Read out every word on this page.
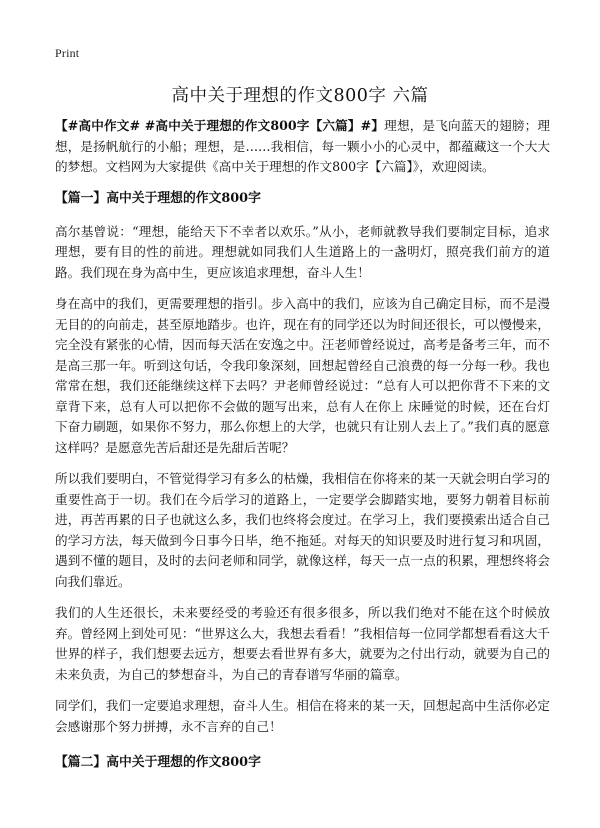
Print
高中关于理想的作文800字 六篇

【#高中作文# #高中关于理想的作文800字【六篇】#】理想，是飞向蓝天的翅膀；理想，是扬帆航行的小船；理想，是……我相信，每一颗小小的心灵中，都蕴藏这一个大大的梦想。文档网为大家提供《高中关于理想的作文800字【六篇】》，欢迎阅读。

【篇一】高中关于理想的作文800字

高尔基曾说：“理想，能给天下不幸者以欢乐。”从小，老师就教导我们要制定目标，追求理想，要有目的性的前进。理想就如同我们人生道路上的一盏明灯，照亮我们前方的道路。我们现在身为高中生，更应该追求理想，奋斗人生！

身在高中的我们，更需要理想的指引。步入高中的我们，应该为自己确定目标，而不是漫无目的的向前走，甚至原地踏步。也许，现在有的同学还以为时间还很长，可以慢慢来，完全没有紧张的心情，因而每天活在安逸之中。汪老师曾经说过，高考是备考三年，而不是高三那一年。听到这句话，令我印象深刻，回想起曾经自己浪费的每一分每一秒。我也常常在想，我们还能继续这样下去吗？尹老师曾经说过：“总有人可以把你背不下来的文章背下来，总有人可以把你不会做的题写出来，总有人在你上 床睡觉的时候，还在台灯下奋力刷题，如果你不努力，那么你想上的大学，也就只有让别人去上了。”我们真的愿意这样吗？是愿意先苦后甜还是先甜后苦呢？

所以我们要明白，不管觉得学习有多么的枯燥，我相信在你将来的某一天就会明白学习的重要性高于一切。我们在今后学习的道路上，一定要学会脚踏实地，要努力朝着目标前进，再苦再累的日子也就这么多，我们也终将会度过。在学习上，我们要摸索出适合自己的学习方法，每天做到今日事今日毕，绝不拖延。对每天的知识要及时进行复习和巩固，遇到不懂的题目，及时的去问老师和同学，就像这样，每天一点一点的积累，理想终将会向我们靠近。

我们的人生还很长，未来要经受的考验还有很多很多，所以我们绝对不能在这个时候放弃。曾经网上到处可见：“世界这么大，我想去看看！”我相信每一位同学都想看看这大千世界的样子，我们想要去远方，想要去看世界有多大，就要为之付出行动，就要为自己的未来负责，为自己的梦想奋斗，为自己的青春谱写华丽的篇章。

同学们，我们一定要追求理想，奋斗人生。相信在将来的某一天，回想起高中生活你必定会感谢那个努力拼搏，永不言弃的自己！

【篇二】高中关于理想的作文800字
